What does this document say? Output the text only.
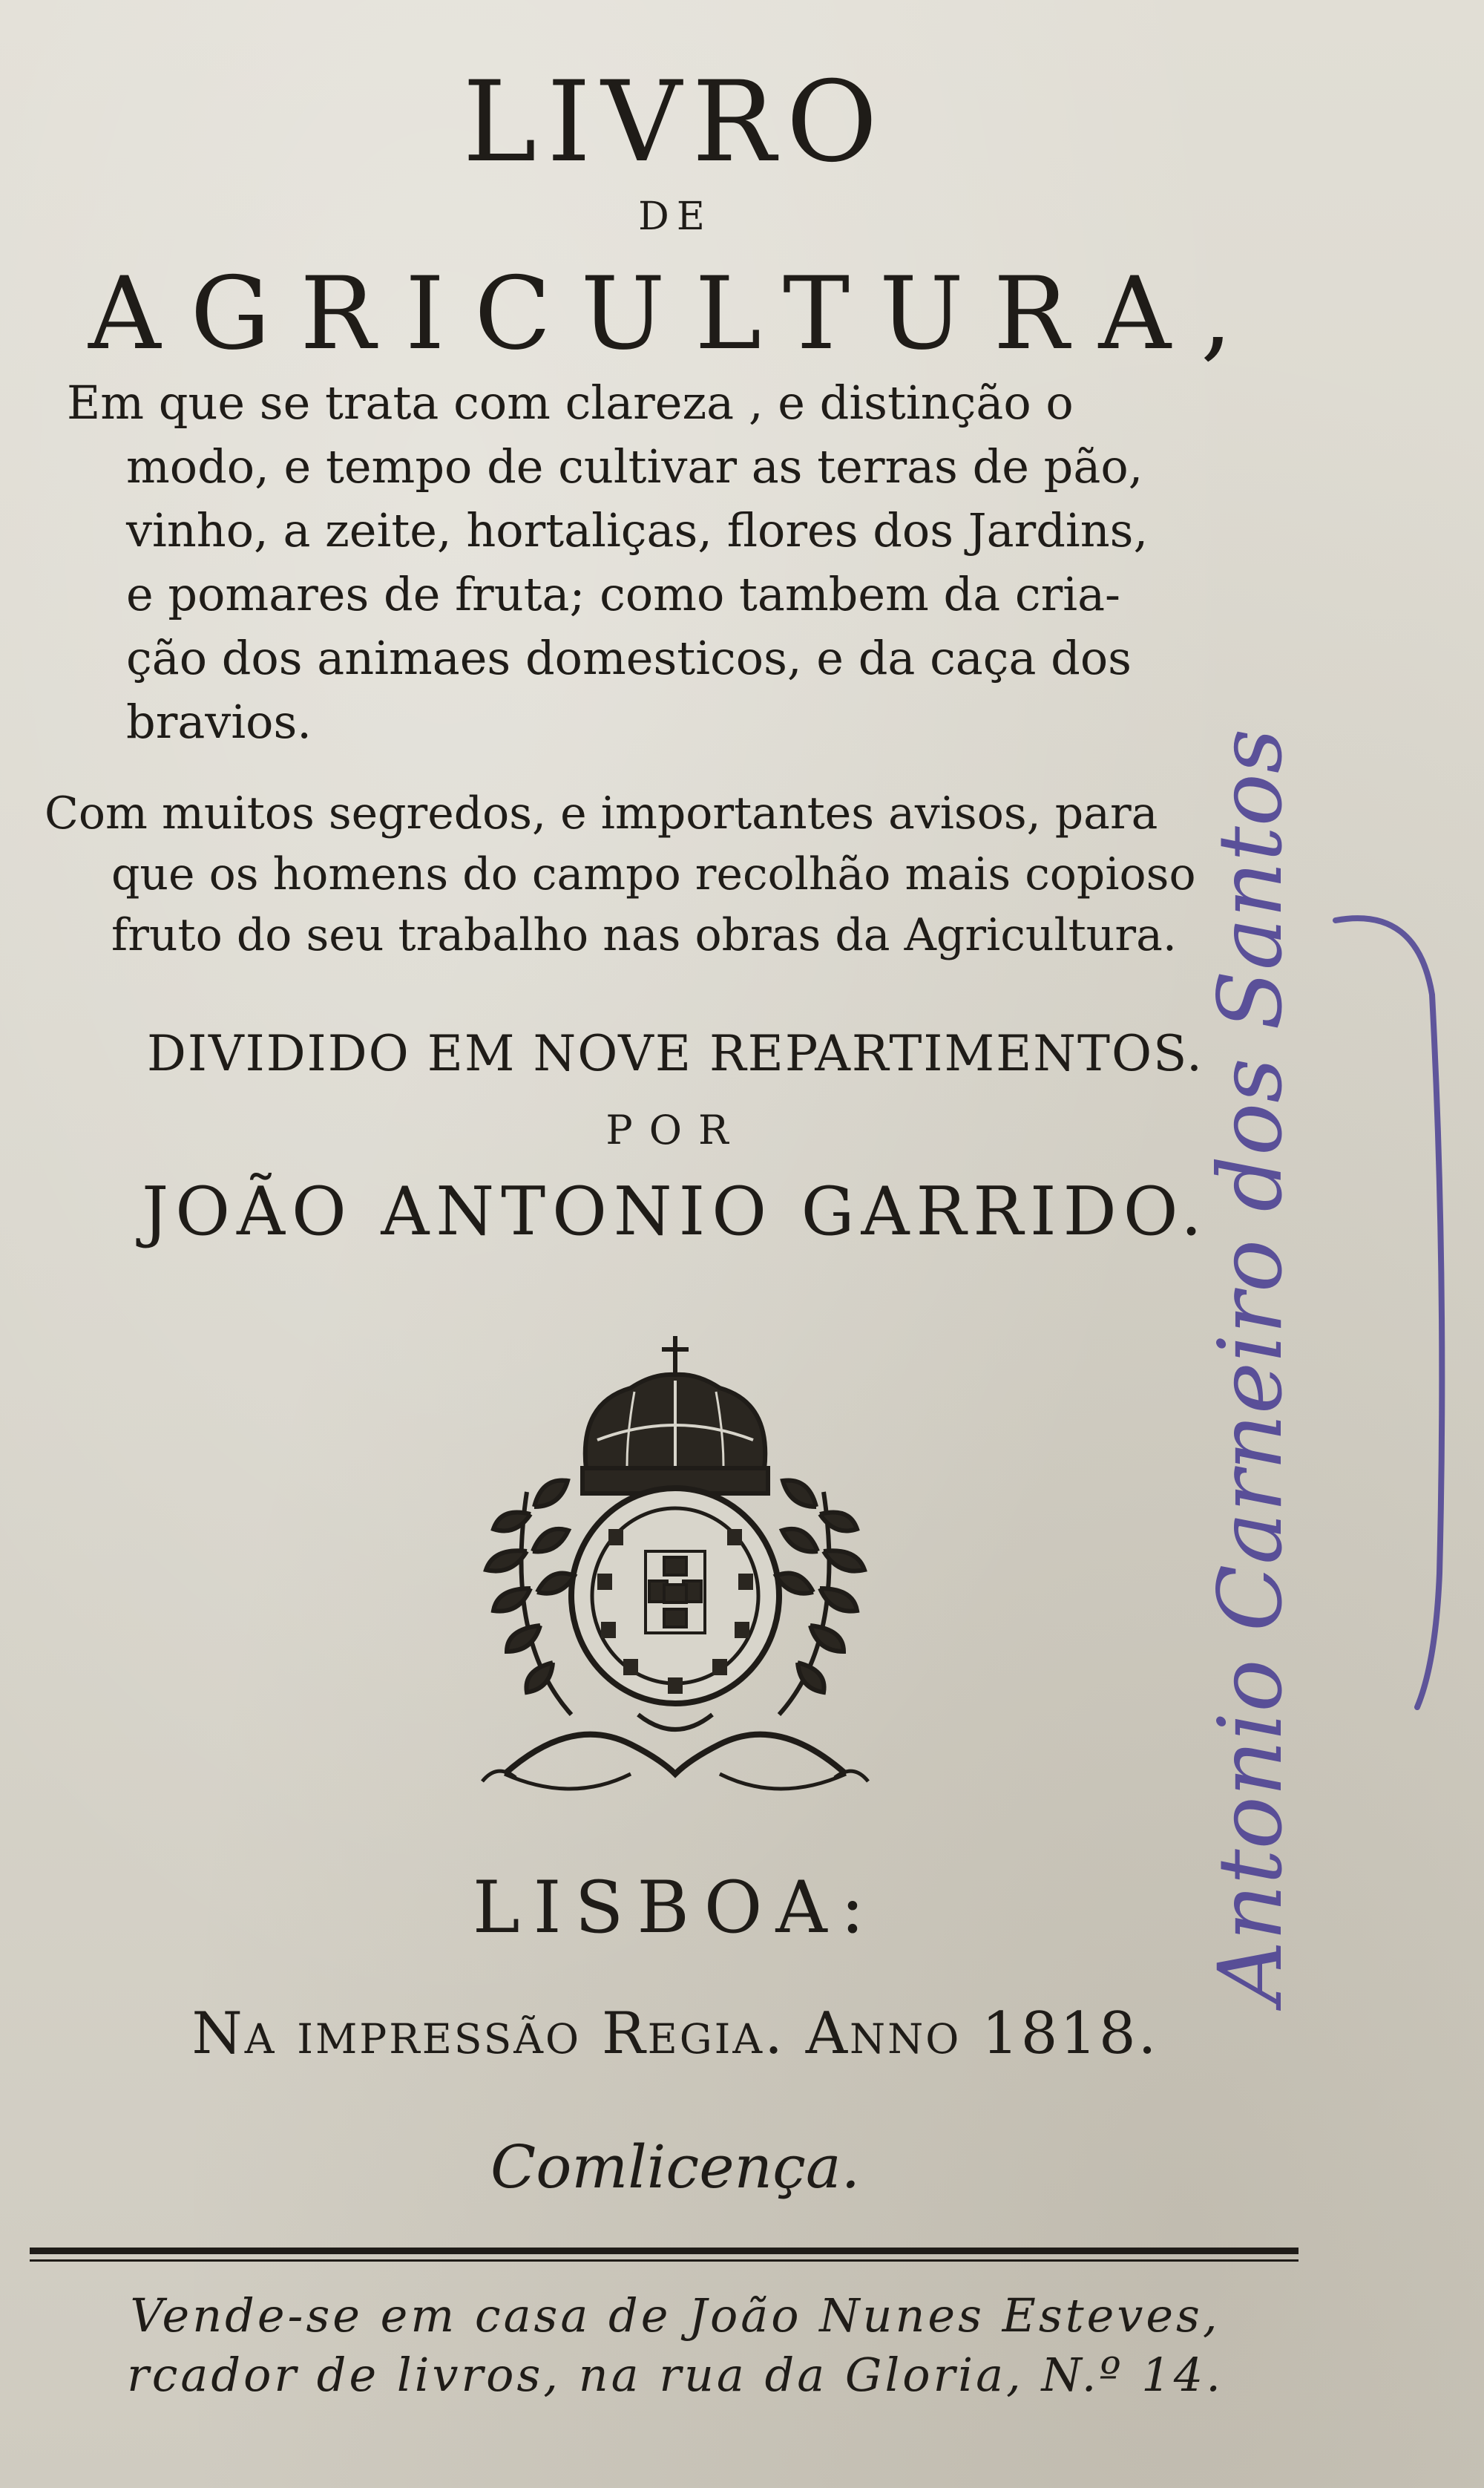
LIVRO
DE
AGRICULTURA,
Em que se trata com clareza , e distinção o
modo, e tempo de cultivar as terras de pão,
vinho, a zeite, hortaliças, flores dos Jardins,
e pomares de fruta; como tambem da cria-
ção dos animaes domesticos, e da caça dos
bravios.
Com muitos segredos, e importantes avisos, para
que os homens do campo recolhão mais copioso
fruto do seu trabalho nas obras da Agricultura.
DIVIDIDO EM NOVE REPARTIMENTOS.
POR
JOÃO ANTONIO GARRIDO.
LISBOA:
Na impressão Regia. Anno 1818.
Comlicença.
Vende-se em casa de João Nunes Esteves,
rcador de livros, na rua da Gloria, N.º 14.
Antonio Carneiro dos Santos
